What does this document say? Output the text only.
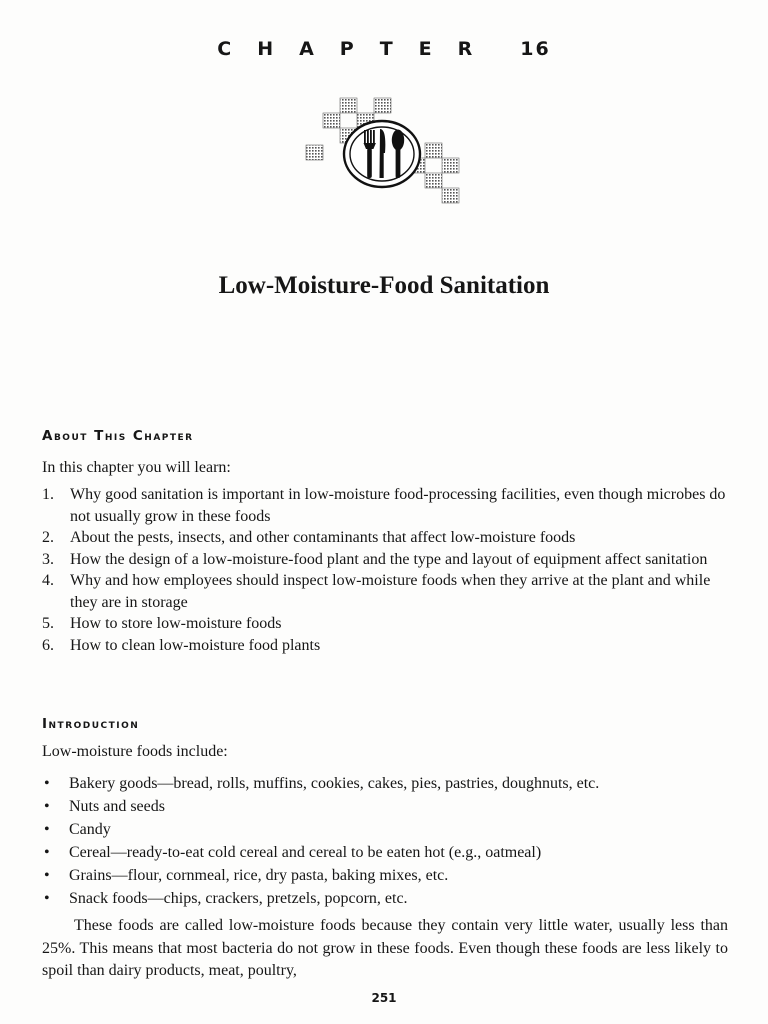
CHAPTER 16
Low-Moisture-Food Sanitation
About This Chapter
In this chapter you will learn:
1. Why good sanitation is important in low-moisture food-processing facilities, even though microbes do not usually grow in these foods
2. About the pests, insects, and other contaminants that affect low-moisture foods
3. How the design of a low-moisture-food plant and the type and layout of equipment affect sanitation
4. Why and how employees should inspect low-moisture foods when they arrive at the plant and while they are in storage
5. How to store low-moisture foods
6. How to clean low-moisture food plants
Introduction
Low-moisture foods include:
• Bakery goods—bread, rolls, muffins, cookies, cakes, pies, pastries, doughnuts, etc.
• Nuts and seeds
• Candy
• Cereal—ready-to-eat cold cereal and cereal to be eaten hot (e.g., oatmeal)
• Grains—flour, cornmeal, rice, dry pasta, baking mixes, etc.
• Snack foods—chips, crackers, pretzels, popcorn, etc.
These foods are called low-moisture foods because they contain very little water, usually less than 25%. This means that most bacteria do not grow in these foods. Even though these foods are less likely to spoil than dairy products, meat, poultry,
251
